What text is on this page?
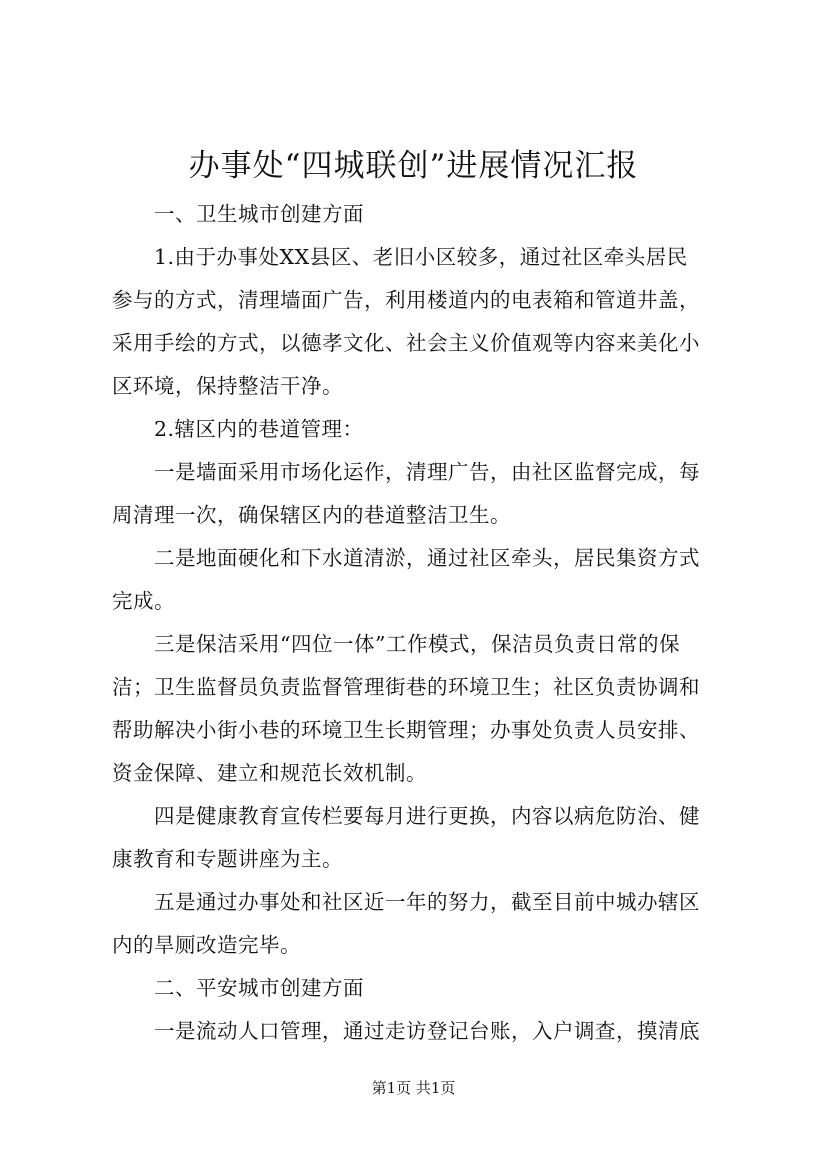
办事处“四城联创”进展情况汇报
一、卫生城市创建方面
1.由于办事处XX县区、老旧小区较多，通过社区牵头居民
参与的方式，清理墙面广告，利用楼道内的电表箱和管道井盖，
采用手绘的方式，以德孝文化、社会主义价值观等内容来美化小
区环境，保持整洁干净。
2.辖区内的巷道管理：
一是墙面采用市场化运作，清理广告，由社区监督完成，每
周清理一次，确保辖区内的巷道整洁卫生。
二是地面硬化和下水道清淤，通过社区牵头，居民集资方式
完成。
三是保洁采用“四位一体”工作模式，保洁员负责日常的保
洁；卫生监督员负责监督管理街巷的环境卫生；社区负责协调和
帮助解决小街小巷的环境卫生长期管理；办事处负责人员安排、
资金保障、建立和规范长效机制。
四是健康教育宣传栏要每月进行更换，内容以病危防治、健
康教育和专题讲座为主。
五是通过办事处和社区近一年的努力，截至目前中城办辖区
内的旱厕改造完毕。
二、平安城市创建方面
一是流动人口管理，通过走访登记台账，入户调查，摸清底
第1页 共1页
